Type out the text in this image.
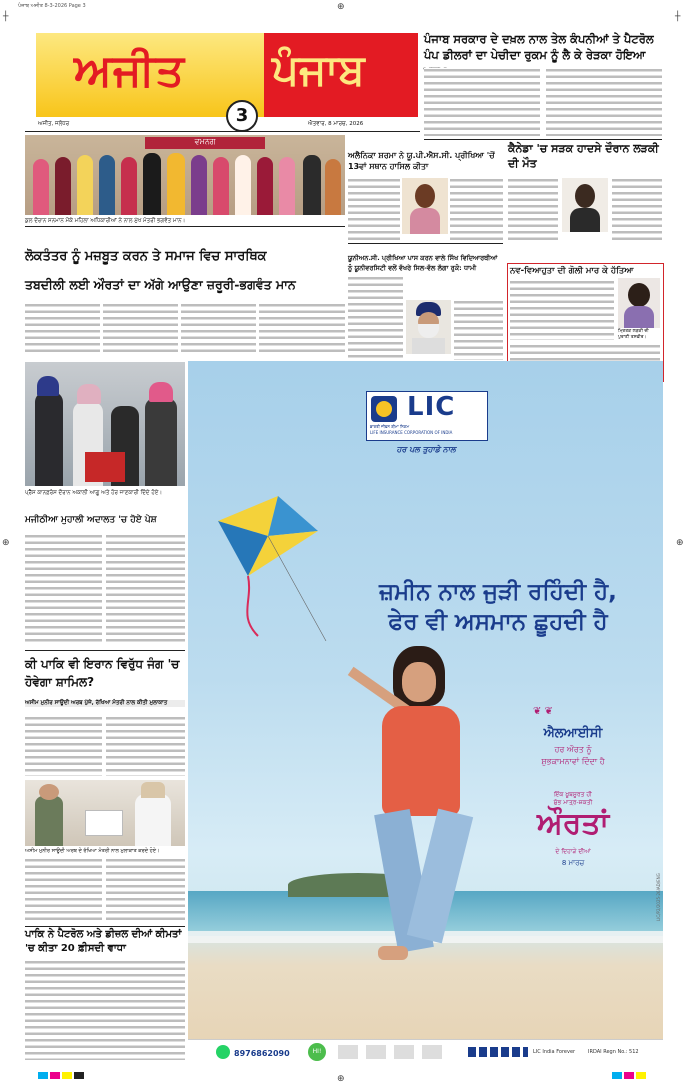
ਪੰਜਾਬ ਅਜੀਤ 8-3-2026 Page 3	⊕
┼	┼
⊕	⊕
ਅਜੀਤ ਪੰਜਾਬ
3
ਅਜੀਤ, ਜਲੰਧਰ	ਐਤਵਾਰ, 8 ਮਾਰਚ, 2026
ਪੰਜਾਬ ਸਰਕਾਰ ਦੇ ਦਖ਼ਲ ਨਾਲ ਤੇਲ ਕੰਪਨੀਆਂ ਤੇ ਪੈਟਰੋਲ ਪੰਪ ਡੀਲਰਾਂ ਦਾ ਪੇਚੀਦਾ ਰੁਕਮ ਨੂੰ ਲੈ ਕੇ ਰੇੜਕਾ ਹੋਇਆ
ਵਮਨਗ
ਕੁਲ ਦੌਰਾਨ ਸਨਮਾਨ ਮੌਕੇ ਮਹਿਲਾ ਅਧਿਕਾਰੀਆਂ ਨੇ ਨਾਲ ਮੁੱਖ ਮੰਤਰੀ ਭਗਵੰਤ ਮਾਨ।
ਲੋਕਤੰਤਰ ਨੂੰ ਮਜ਼ਬੂਤ ਕਰਨ ਤੇ ਸਮਾਜ ਵਿਚ ਸਾਰਥਿਕ
ਤਬਦੀਲੀ ਲਈ ਔਰਤਾਂ ਦਾ ਅੱਗੇ ਆਉਣਾ ਜ਼ਰੂਰੀ-ਭਗਵੰਤ ਮਾਨ
ਅਲੈਨਿਕਾ ਸ਼ਰਮਾ ਨੇ ਯੂ.ਪੀ.ਐਸ.ਸੀ. ਪ੍ਰੀਖਿਆ 'ਚੋਂ 13ਵਾਂ ਸਥਾਨ ਹਾਸਿਲ ਕੀਤਾ
ਕੈਨੇਡਾ 'ਚ ਸੜਕ ਹਾਦਸੇ ਦੌਰਾਨ ਲੜਕੀ ਦੀ ਮੌਤ
ਯੂਨੀਅਨ.ਸੀ. ਪ੍ਰੀਖਿਆ ਪਾਸ ਕਰਨ ਵਾਲੇ ਸਿੱਖ ਵਿਦਿਆਰਥੀਆਂ ਨੂੰ ਯੂਨੀਵਰਸਿਟੀ ਵਲੋਂ ਵੱਖਰੇ ਸਿਲ-ਵੱਲ ਲੱਗਾ ਰੁਕੋ: ਧਾਮੀ	ਨਵ-ਵਿਆਹੁਤਾ ਦੀ ਗੋਲੀ ਮਾਰ ਕੇ ਹੱਤਿਆ
ਮ੍ਰਿਤਕ ਲੜਕੀ ਦੀ ਪੁਰਾਣੀ ਤਸਵੀਰ।
ਪ੍ਰੈੱਸ ਕਾਨਫ਼ਰੰਸ ਦੌਰਾਨ ਅਕਾਲੀ ਆਗੂ ਅਤੇ ਹੋਰ ਜਾਣਕਾਰੀ ਦਿੰਦੇ ਹੋਏ।
ਮਜੀਠੀਆ ਮੁਹਾਲੀ ਅਦਾਲਤ 'ਚ ਹੋਏ ਪੇਸ਼
ਕੀ ਪਾਕਿ ਵੀ ਇਰਾਨ ਵਿਰੁੱਧ ਜੰਗ 'ਚ ਹੋਵੇਗਾ ਸ਼ਾਮਿਲ?
ਅਸੀਮ ਮੁਨੀਰ ਸਾਊਦੀ ਅਰਬ ਪੁੱਜੇ, ਰੱਖਿਆ ਮੰਤਰੀ ਨਾਲ ਕੀਤੀ ਮੁਲਾਕਾਤ
ਅਸੀਮ ਮੁਨੀਰ ਸਾਊਦੀ ਅਰਬ ਦੇ ਰੱਖਿਆ ਮੰਤਰੀ ਨਾਲ ਮੁਲਾਕਾਤ ਕਰਦੇ ਹੋਏ।
ਪਾਕਿ ਨੇ ਪੈਟਰੋਲ ਅਤੇ ਡੀਜ਼ਲ ਦੀਆਂ ਕੀਮਤਾਂ 'ਚ ਕੀਤਾ 20 ਫ਼ੀਸਦੀ ਵਾਧਾ
LIC
ਭਾਰਤੀ ਜੀਵਨ ਬੀਮਾ ਨਿਗਮ
LIFE INSURANCE CORPORATION OF INDIA
ਹਰ ਪਲ ਤੁਹਾਡੇ ਨਾਲ
ਜ਼ਮੀਨ ਨਾਲ ਜੁੜੀ ਰਹਿੰਦੀ ਹੈ,
ਫੇਰ ਵੀ ਅਸਮਾਨ ਛੂਹਦੀ ਹੈ
❦ ❦
ਐਲਆਈਸੀ
ਹਰ ਔਰਤ ਨੂੰ
ਸ਼ੁਭਕਾਮਨਾਵਾਂ ਦਿੰਦਾ ਹੈ
ਇੱਕ ਖ਼ੂਬਸੂਰਤ ਹੀ
ਸ਼ੁੱਭ ਮਾਤ੍ਰ-ਸ਼ਕਤੀ
ਔਰਤਾਂ
ਦੇ ਦਿਹਾੜੇ ਦੀਆਂ
8 ਮਾਰਚ
LIC/P2/2025-26/AD/ENG
8976862090	HI!	LIC India Forever	IRDAI Regn No.: 512
⊕
